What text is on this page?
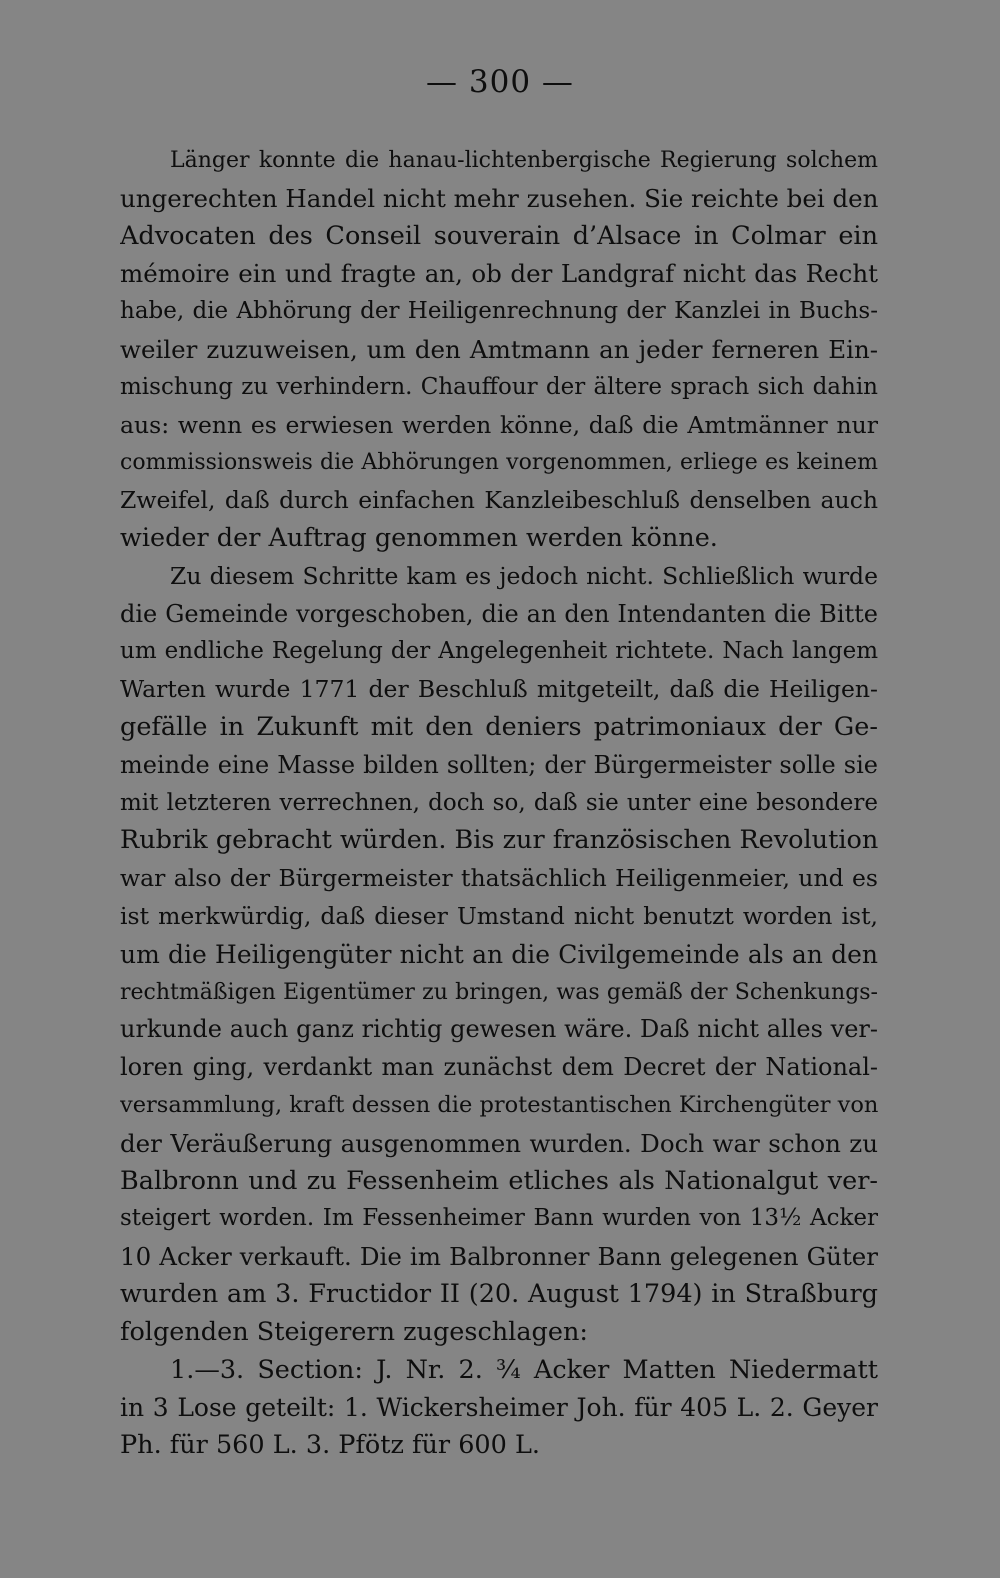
— 300 —
Länger konnte die hanau-lichtenbergische Regierung solchem
ungerechten Handel nicht mehr zusehen. Sie reichte bei den
Advocaten des Conseil souverain d’Alsace in Colmar ein
mémoire ein und fragte an, ob der Landgraf nicht das Recht
habe, die Abhörung der Heiligenrechnung der Kanzlei in Buchs-
weiler zuzuweisen, um den Amtmann an jeder ferneren Ein-
mischung zu verhindern. Chauffour der ältere sprach sich dahin
aus: wenn es erwiesen werden könne, daß die Amtmänner nur
commissionsweis die Abhörungen vorgenommen, erliege es keinem
Zweifel, daß durch einfachen Kanzleibeschluß denselben auch
wieder der Auftrag genommen werden könne.
Zu diesem Schritte kam es jedoch nicht. Schließlich wurde
die Gemeinde vorgeschoben, die an den Intendanten die Bitte
um endliche Regelung der Angelegenheit richtete. Nach langem
Warten wurde 1771 der Beschluß mitgeteilt, daß die Heiligen-
gefälle in Zukunft mit den deniers patrimoniaux der Ge-
meinde eine Masse bilden sollten; der Bürgermeister solle sie
mit letzteren verrechnen, doch so, daß sie unter eine besondere
Rubrik gebracht würden. Bis zur französischen Revolution
war also der Bürgermeister thatsächlich Heiligenmeier, und es
ist merkwürdig, daß dieser Umstand nicht benutzt worden ist,
um die Heiligengüter nicht an die Civilgemeinde als an den
rechtmäßigen Eigentümer zu bringen, was gemäß der Schenkungs-
urkunde auch ganz richtig gewesen wäre. Daß nicht alles ver-
loren ging, verdankt man zunächst dem Decret der National-
versammlung, kraft dessen die protestantischen Kirchengüter von
der Veräußerung ausgenommen wurden. Doch war schon zu
Balbronn und zu Fessenheim etliches als Nationalgut ver-
steigert worden. Im Fessenheimer Bann wurden von 13½ Acker
10 Acker verkauft. Die im Balbronner Bann gelegenen Güter
wurden am 3. Fructidor II (20. August 1794) in Straßburg
folgenden Steigerern zugeschlagen:
1.—3. Section: J. Nr. 2. ¾ Acker Matten Niedermatt
in 3 Lose geteilt: 1. Wickersheimer Joh. für 405 L. 2. Geyer
Ph. für 560 L. 3. Pfötz für 600 L.
